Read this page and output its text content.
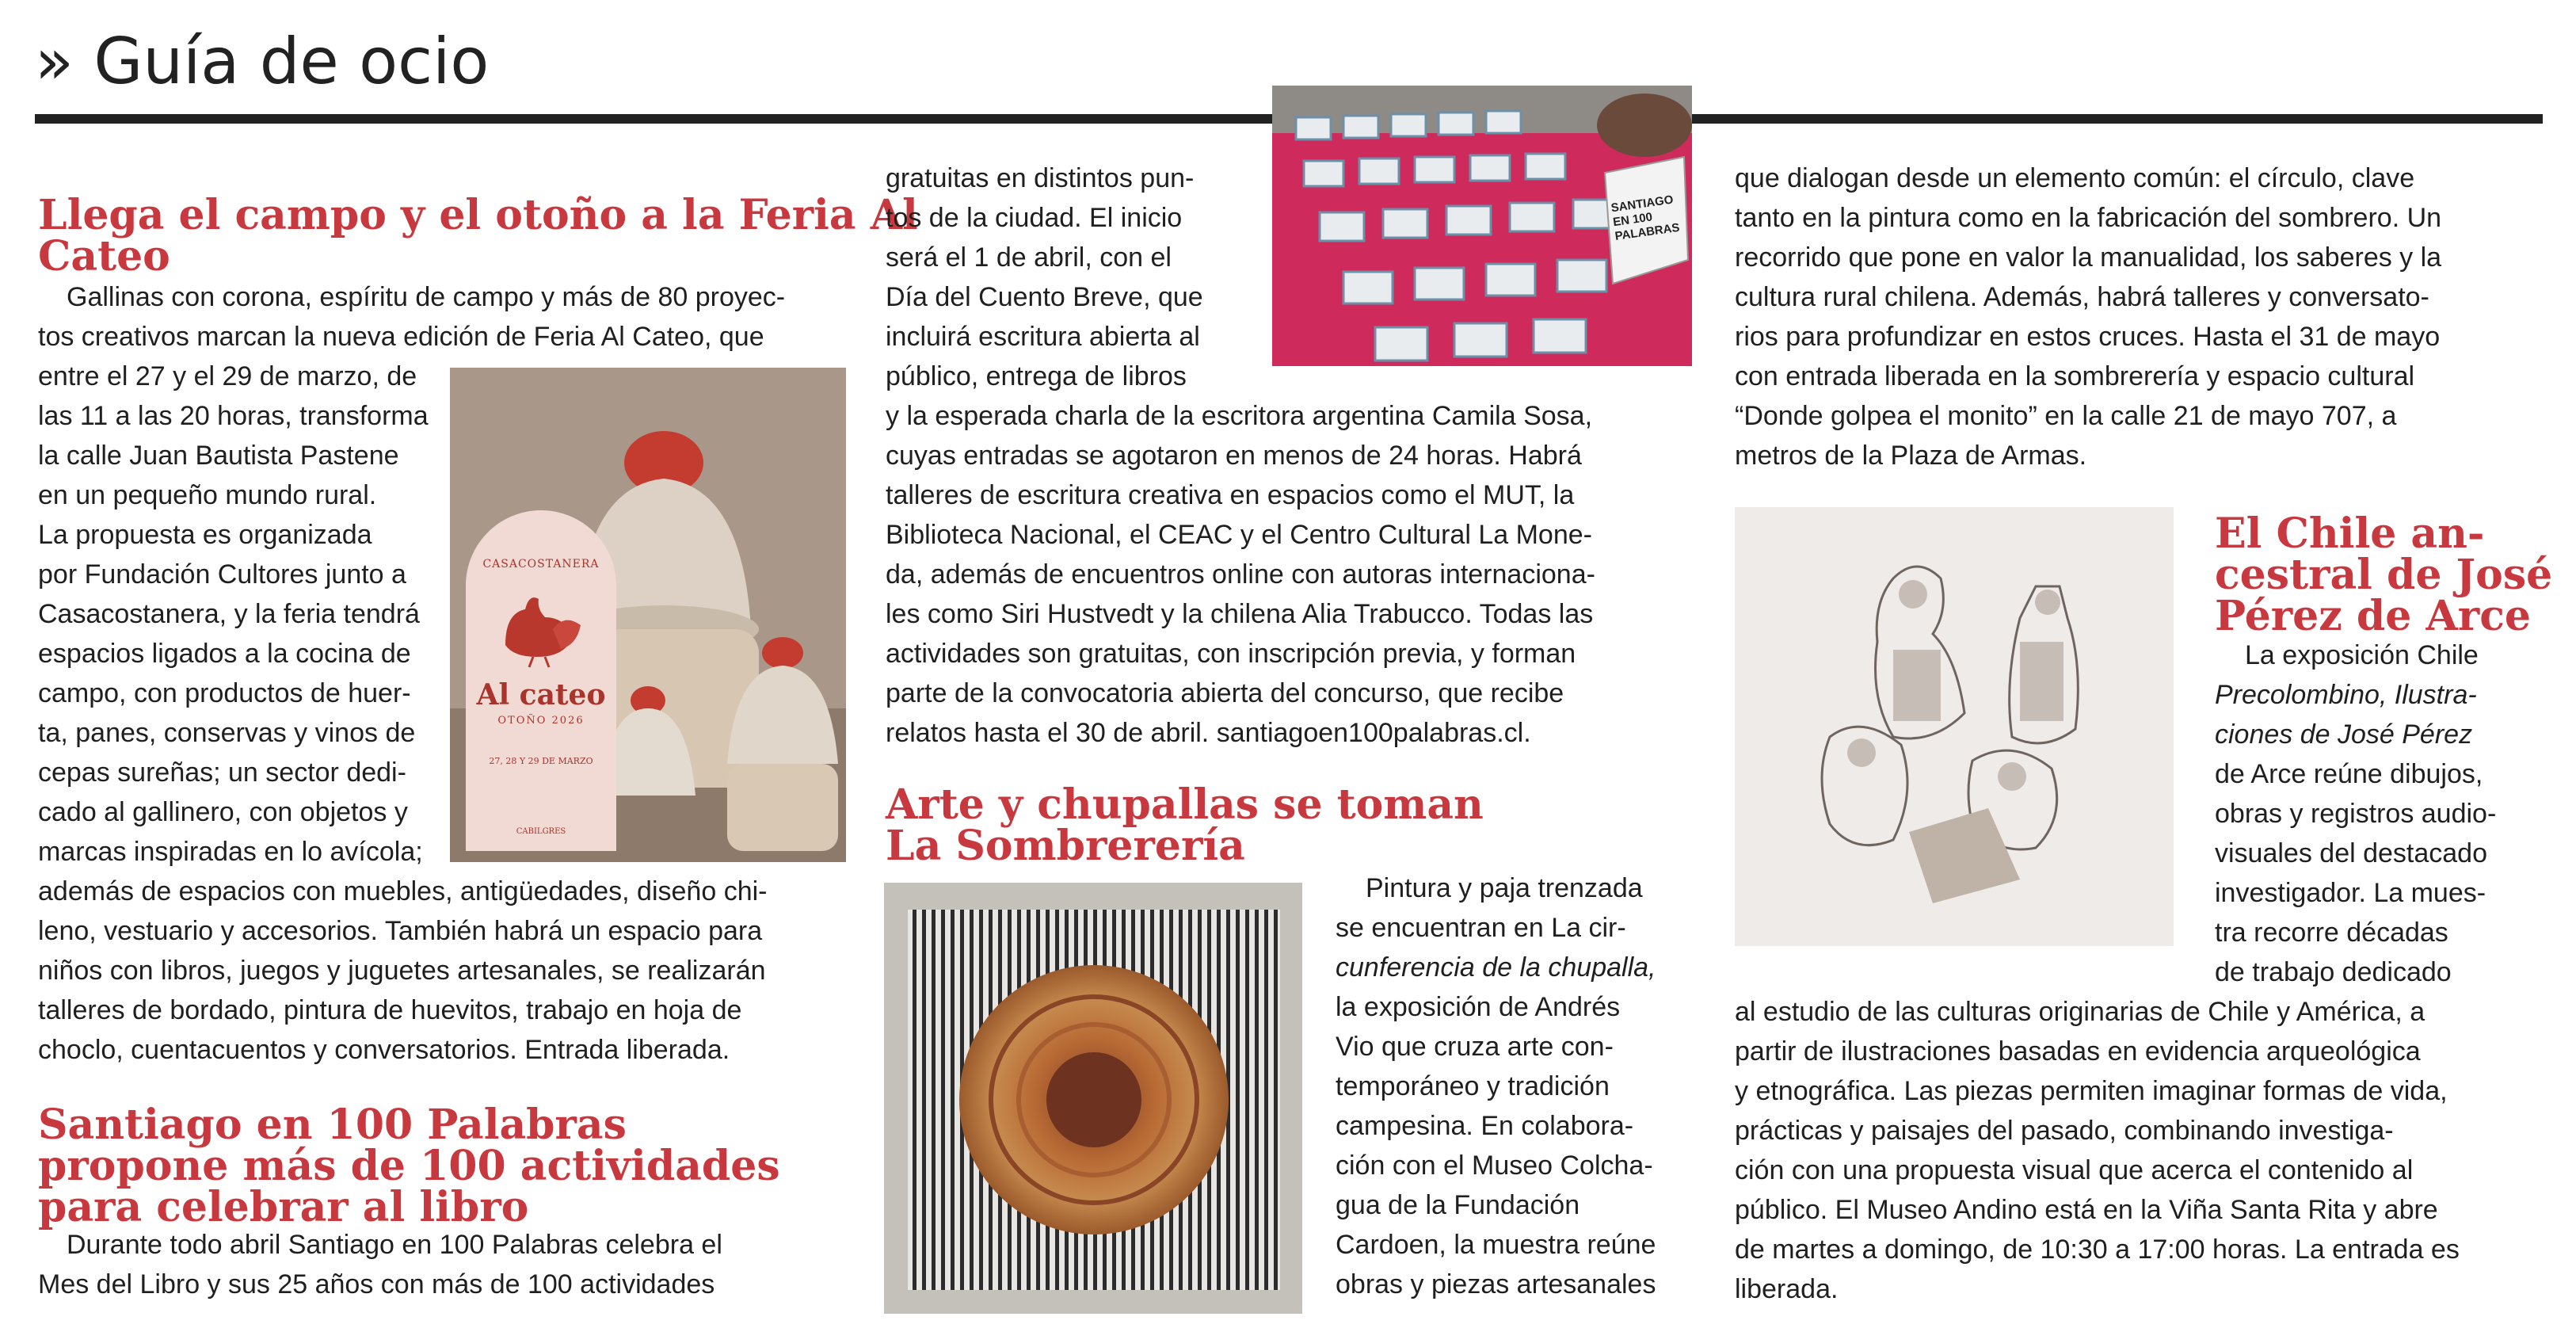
» Guía de ocio
Llega el campo y el otoño a la Feria Al
Cateo
Gallinas con corona, espíritu de campo y más de 80 proyec-
tos creativos marcan la nueva edición de Feria Al Cateo, que
entre el 27 y el 29 de marzo, de
las 11 a las 20 horas, transforma
la calle Juan Bautista Pastene
en un pequeño mundo rural.
La propuesta es organizada
por Fundación Cultores junto a
Casacostanera, y la feria tendrá
espacios ligados a la cocina de
campo, con productos de huer-
ta, panes, conservas y vinos de
cepas sureñas; un sector dedi-
cado al gallinero, con objetos y
marcas inspiradas en lo avícola;
CASACOSTANERA
Al cateo
OTOÑO 2026
27, 28 Y 29 DE MARZO
CABILGRES
además de espacios con muebles, antigüedades, diseño chi-
leno, vestuario y accesorios. También habrá un espacio para
niños con libros, juegos y juguetes artesanales, se realizarán
talleres de bordado, pintura de huevitos, trabajo en hoja de
choclo, cuentacuentos y conversatorios. Entrada liberada.
Santiago en 100 Palabras
propone más de 100 actividades
para celebrar al libro
Durante todo abril Santiago en 100 Palabras celebra el
Mes del Libro y sus 25 años con más de 100 actividades
gratuitas en distintos pun-
tos de la ciudad. El inicio
será el 1 de abril, con el
Día del Cuento Breve, que
incluirá escritura abierta al
público, entrega de libros
SANTIAGO EN 100 PALABRAS
y la esperada charla de la escritora argentina Camila Sosa,
cuyas entradas se agotaron en menos de 24 horas. Habrá
talleres de escritura creativa en espacios como el MUT, la
Biblioteca Nacional, el CEAC y el Centro Cultural La Mone-
da, además de encuentros online con autoras internaciona-
les como Siri Hustvedt y la chilena Alia Trabucco. Todas las
actividades son gratuitas, con inscripción previa, y forman
parte de la convocatoria abierta del concurso, que recibe
relatos hasta el 30 de abril. santiagoen100palabras.cl.
Arte y chupallas se toman
La Sombrerería
Pintura y paja trenzada
se encuentran en La cir-
cunferencia de la chupalla,
la exposición de Andrés
Vio que cruza arte con-
temporáneo y tradición
campesina. En colabora-
ción con el Museo Colcha-
gua de la Fundación
Cardoen, la muestra reúne
obras y piezas artesanales
que dialogan desde un elemento común: el círculo, clave
tanto en la pintura como en la fabricación del sombrero. Un
recorrido que pone en valor la manualidad, los saberes y la
cultura rural chilena. Además, habrá talleres y conversato-
rios para profundizar en estos cruces. Hasta el 31 de mayo
con entrada liberada en la sombrerería y espacio cultural
“Donde golpea el monito” en la calle 21 de mayo 707, a
metros de la Plaza de Armas.
El Chile an-
cestral de José
Pérez de Arce
La exposición Chile
Precolombino, Ilustra-
ciones de José Pérez
de Arce reúne dibujos,
obras y registros audio-
visuales del destacado
investigador. La mues-
tra recorre décadas
de trabajo dedicado
al estudio de las culturas originarias de Chile y América, a
partir de ilustraciones basadas en evidencia arqueológica
y etnográfica. Las piezas permiten imaginar formas de vida,
prácticas y paisajes del pasado, combinando investiga-
ción con una propuesta visual que acerca el contenido al
público. El Museo Andino está en la Viña Santa Rita y abre
de martes a domingo, de 10:30 a 17:00 horas. La entrada es
liberada.
